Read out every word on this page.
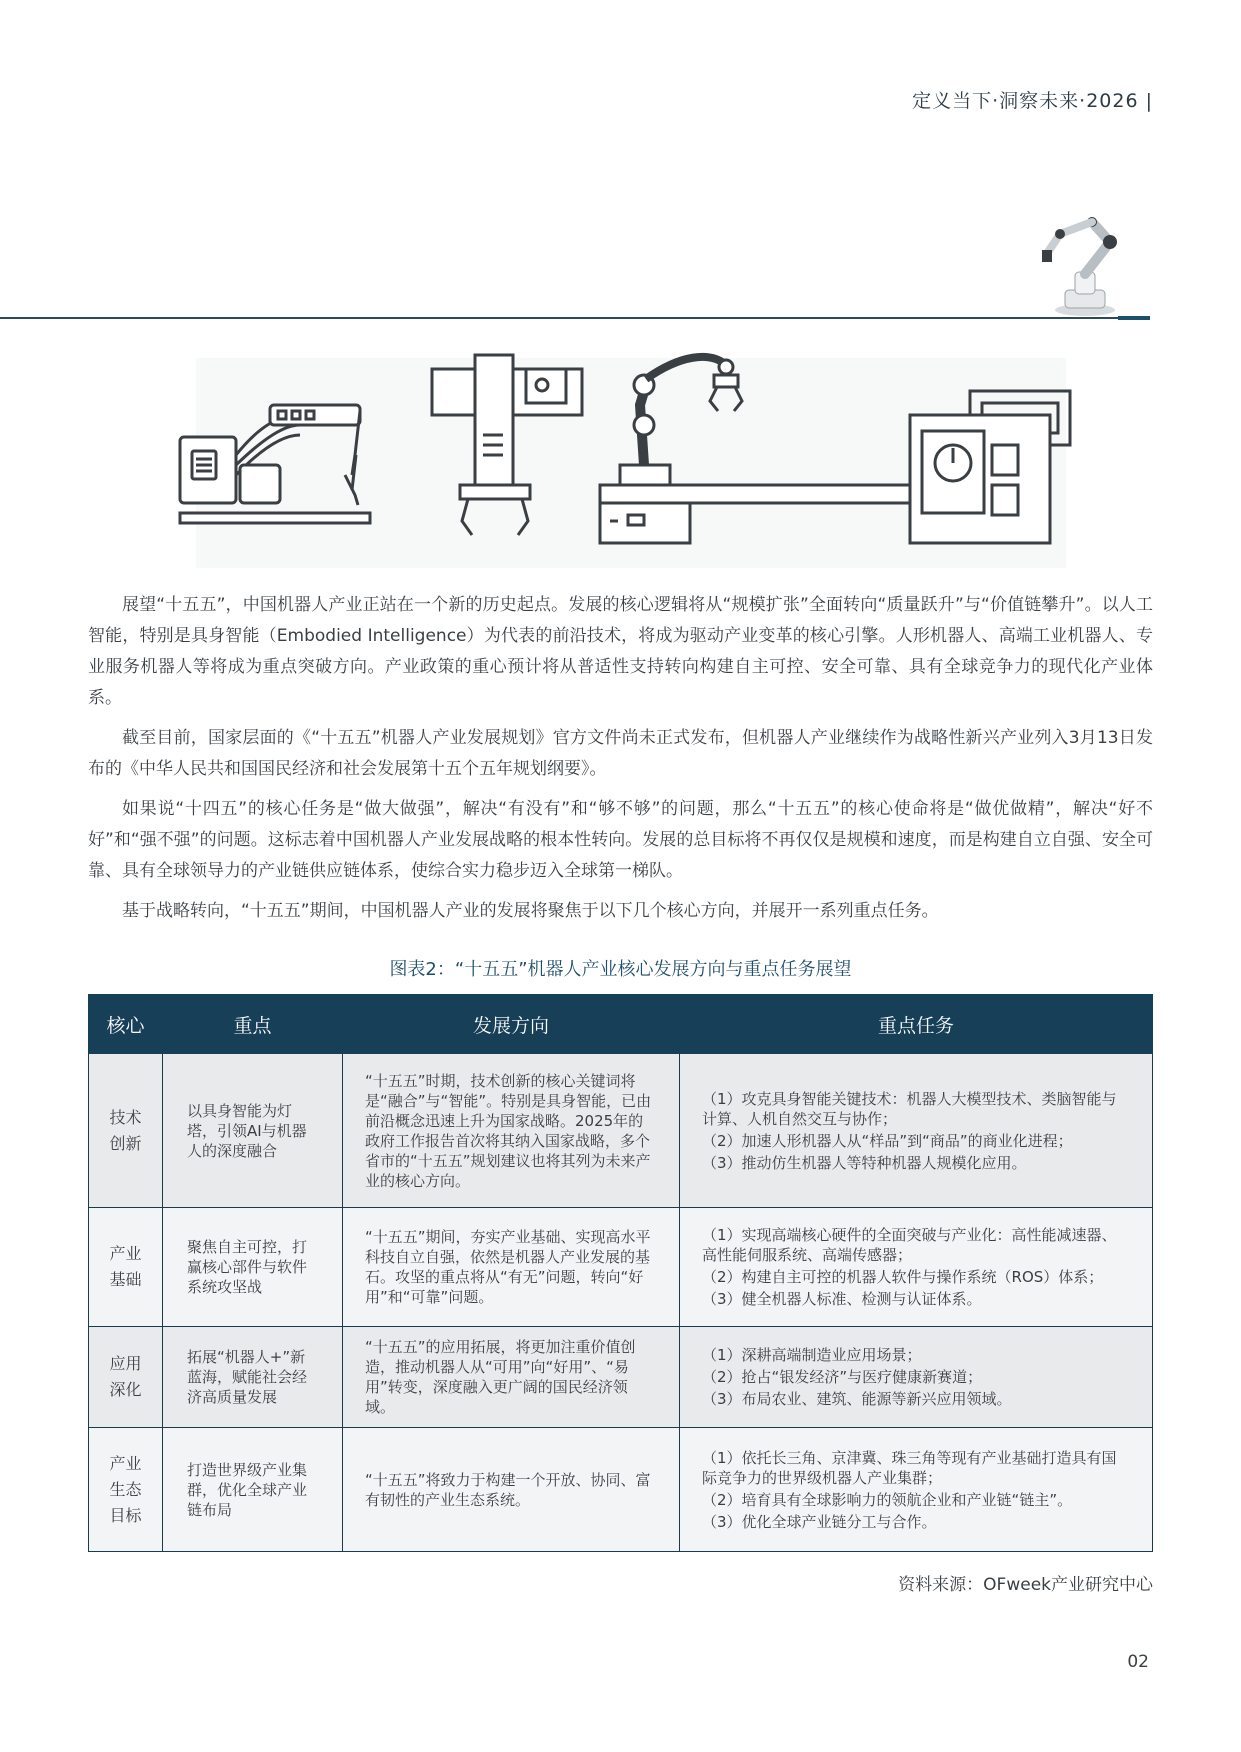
定义当下·洞察未来·2026 |

展望“十五五”，中国机器人产业正站在一个新的历史起点。发展的核心逻辑将从“规模扩张”全面转向“质量跃升”与“价值链攀升”。以人工智能，特别是具身智能（Embodied Intelligence）为代表的前沿技术，将成为驱动产业变革的核心引擎。人形机器人、高端工业机器人、专业服务机器人等将成为重点突破方向。产业政策的重心预计将从普适性支持转向构建自主可控、安全可靠、具有全球竞争力的现代化产业体系。

截至目前，国家层面的《“十五五”机器人产业发展规划》官方文件尚未正式发布，但机器人产业继续作为战略性新兴产业列入3月13日发布的《中华人民共和国国民经济和社会发展第十五个五年规划纲要》。

如果说“十四五”的核心任务是“做大做强”，解决“有没有”和“够不够”的问题，那么“十五五”的核心使命将是“做优做精”，解决“好不好”和“强不强”的问题。这标志着中国机器人产业发展战略的根本性转向。发展的总目标将不再仅仅是规模和速度，而是构建自立自强、安全可靠、具有全球领导力的产业链供应链体系，使综合实力稳步迈入全球第一梯队。

基于战略转向，“十五五”期间，中国机器人产业的发展将聚焦于以下几个核心方向，并展开一系列重点任务。

图表2：“十五五”机器人产业核心发展方向与重点任务展望
核心	重点	发展方向	重点任务
技术
创新	以具身智能为灯塔，引领AI与机器人的深度融合	“十五五”时期，技术创新的核心关键词将是“融合”与“智能”。特别是具身智能，已由前沿概念迅速上升为国家战略。2025年的政府工作报告首次将其纳入国家战略，多个省市的“十五五”规划建议也将其列为未来产业的核心方向。	（1）攻克具身智能关键技术：机器人大模型技术、类脑智能与计算、人机自然交互与协作；
（2）加速人形机器人从“样品”到“商品”的商业化进程；
（3）推动仿生机器人等特种机器人规模化应用。

产业
基础	聚焦自主可控，打赢核心部件与软件系统攻坚战	“十五五”期间，夯实产业基础、实现高水平科技自立自强，依然是机器人产业发展的基石。攻坚的重点将从“有无”问题，转向“好用”和“可靠”问题。	（1）实现高端核心硬件的全面突破与产业化：高性能减速器、高性能伺服系统、高端传感器；
（2）构建自主可控的机器人软件与操作系统（ROS）体系；
（3）健全机器人标准、检测与认证体系。

应用
深化	拓展“机器人+”新蓝海，赋能社会经济高质量发展	“十五五”的应用拓展，将更加注重价值创造，推动机器人从“可用”向“好用”、“易用”转变，深度融入更广阔的国民经济领域。	（1）深耕高端制造业应用场景；
（2）抢占“银发经济”与医疗健康新赛道；
（3）布局农业、建筑、能源等新兴应用领域。

产业
生态
目标	打造世界级产业集群，优化全球产业链布局	“十五五”将致力于构建一个开放、协同、富有韧性的产业生态系统。	（1）依托长三角、京津冀、珠三角等现有产业基础打造具有国际竞争力的世界级机器人产业集群；
（2）培育具有全球影响力的领航企业和产业链“链主”。
（3）优化全球产业链分工与合作。
资料来源：OFweek产业研究中心
02
